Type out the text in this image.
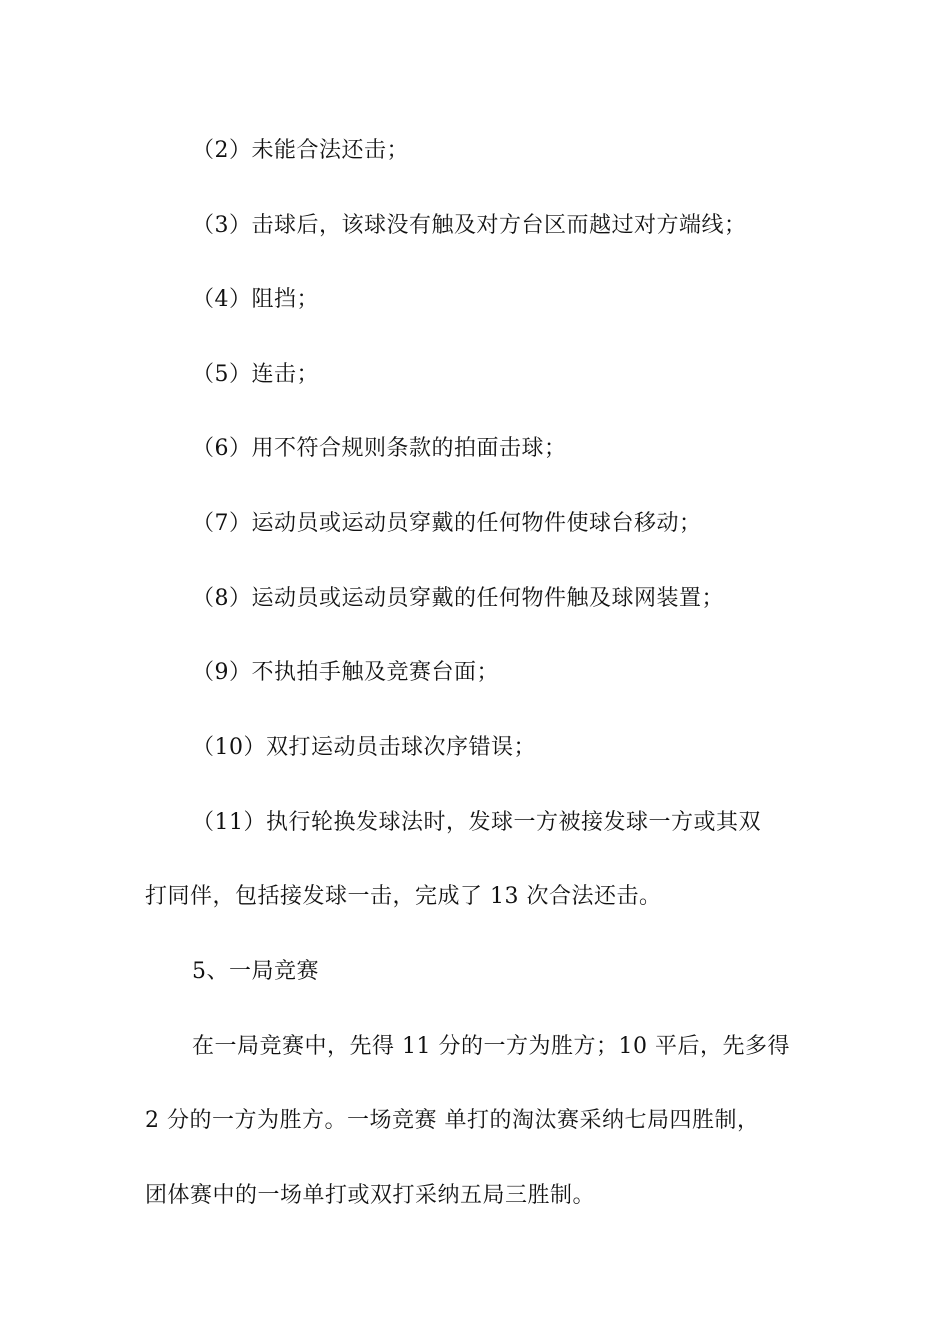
（2）未能合法还击；
（3）击球后，该球没有触及对方台区而越过对方端线；
（4）阻挡；
（5）连击；
（6）用不符合规则条款的拍面击球；
（7）运动员或运动员穿戴的任何物件使球台移动；
（8）运动员或运动员穿戴的任何物件触及球网装置；
（9）不执拍手触及竞赛台面；
（10）双打运动员击球次序错误；
（11）执行轮换发球法时，发球一方被接发球一方或其双
打同伴，包括接发球一击，完成了 13 次合法还击。
5、一局竞赛
在一局竞赛中，先得 11 分的一方为胜方；10 平后，先多得
2 分的一方为胜方。一场竞赛 单打的淘汰赛采纳七局四胜制，
团体赛中的一场单打或双打采纳五局三胜制。
